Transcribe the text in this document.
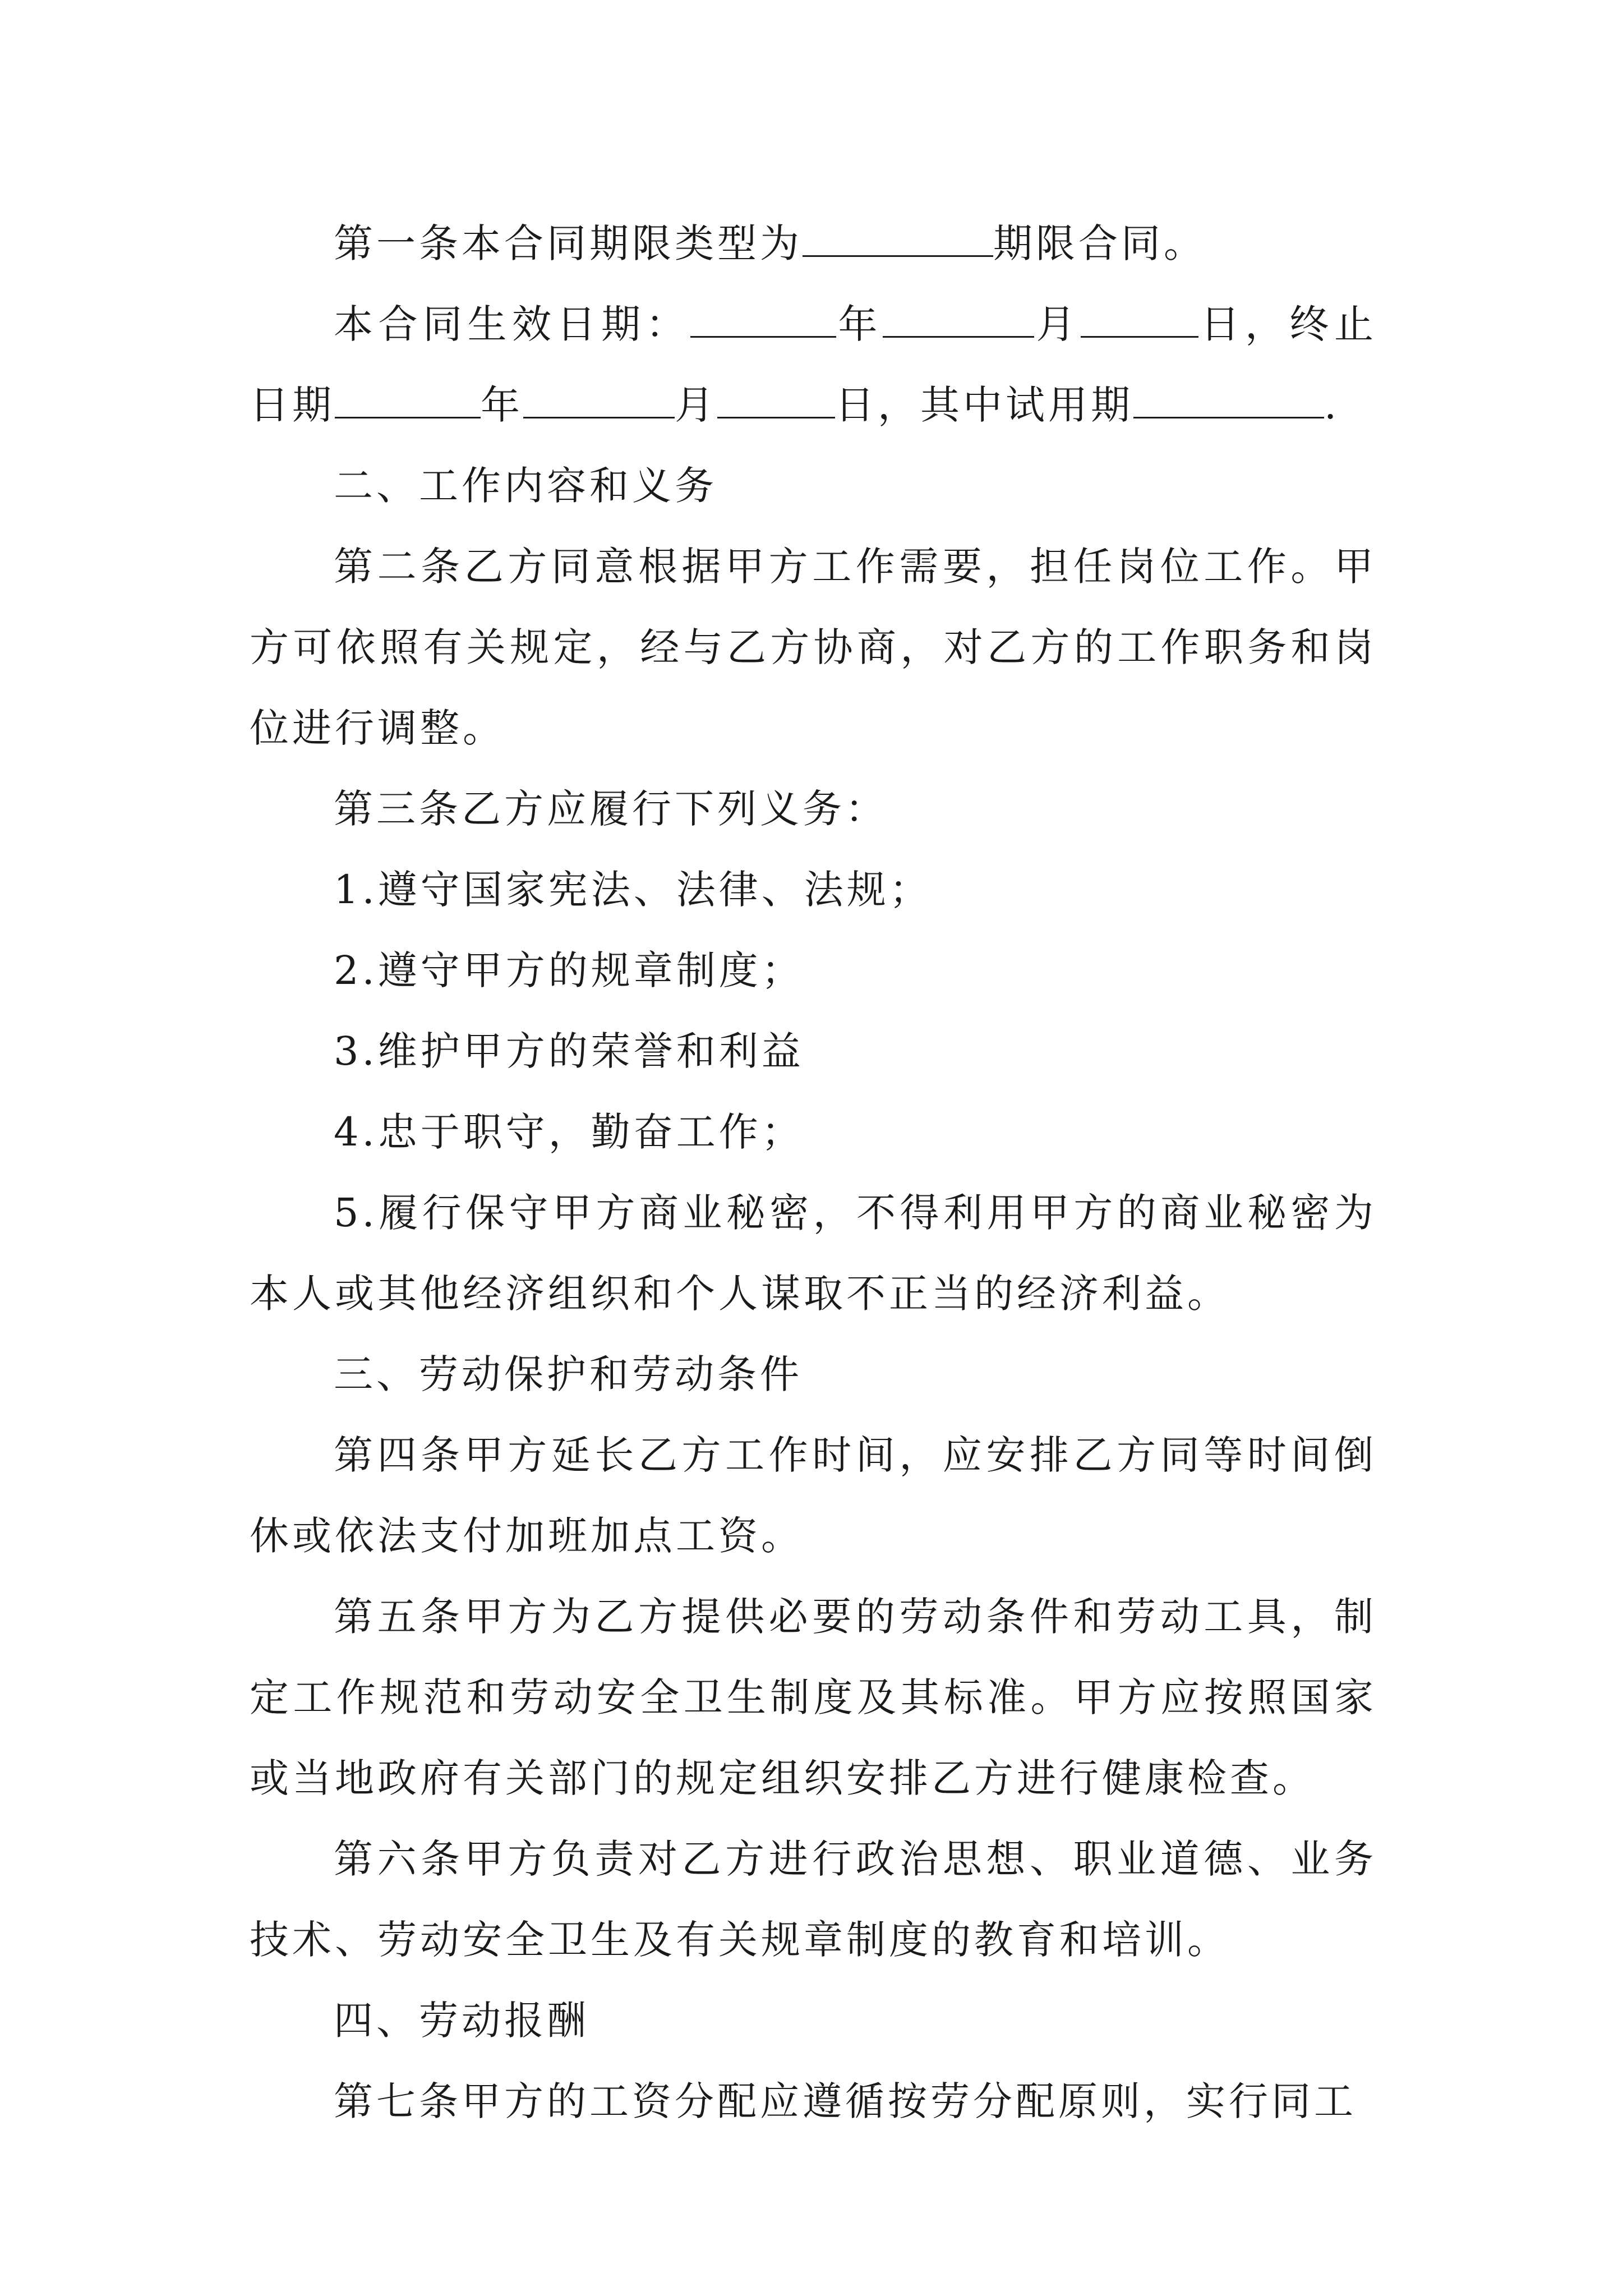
第一条本合同期限类型为	期限合同。

本合同生效日期：	年	月	日，终止日期	年	月	日，其中试用期	.

二、工作内容和义务

第二条乙方同意根据甲方工作需要，担任岗位工作。甲方可依照有关规定，经与乙方协商，对乙方的工作职务和岗位进行调整。

第三条乙方应履行下列义务：

1.遵守国家宪法、法律、法规；

2.遵守甲方的规章制度；

3.维护甲方的荣誉和利益

4.忠于职守，勤奋工作；

5.履行保守甲方商业秘密，不得利用甲方的商业秘密为本人或其他经济组织和个人谋取不正当的经济利益。

三、劳动保护和劳动条件

第四条甲方延长乙方工作时间，应安排乙方同等时间倒休或依法支付加班加点工资。

第五条甲方为乙方提供必要的劳动条件和劳动工具，制定工作规范和劳动安全卫生制度及其标准。甲方应按照国家或当地政府有关部门的规定组织安排乙方进行健康检查。

第六条甲方负责对乙方进行政治思想、职业道德、业务技术、劳动安全卫生及有关规章制度的教育和培训。

四、劳动报酬

第七条甲方的工资分配应遵循按劳分配原则，实行同工
